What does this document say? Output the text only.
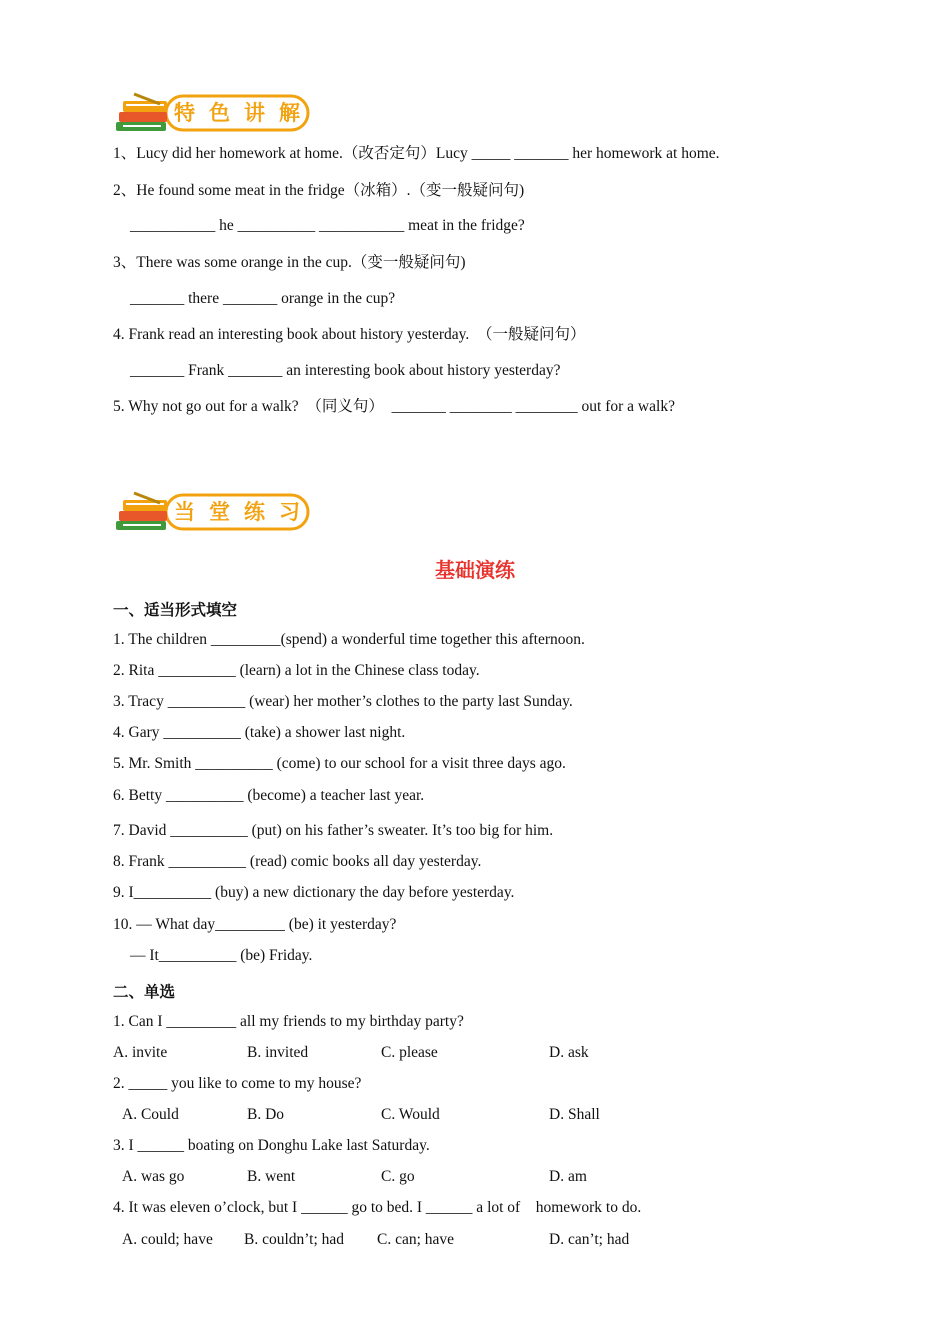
特色讲解

1、Lucy did her homework at home.（改否定句）Lucy _____ _______ her homework at home.

2、He found some meat in the fridge（冰箱）.（变一般疑问句)

___________ he __________ ___________ meat in the fridge?

3、There was some orange in the cup.（变一般疑问句)

_______ there _______ orange in the cup?

4. Frank read an interesting book about history yesterday.  （一般疑问句）

_______ Frank _______ an interesting book about history yesterday?

5. Why not go out for a walk?  （同义句）  _______ ________ ________ out for a walk?

当堂练习

基础演练

一、适当形式填空

1. The children _________(spend) a wonderful time together this afternoon.

2. Rita __________ (learn) a lot in the Chinese class today.

3. Tracy __________ (wear) her mother’s clothes to the party last Sunday.

4. Gary __________ (take) a shower last night.

5. Mr. Smith __________ (come) to our school for a visit three days ago.

6. Betty __________ (become) a teacher last year.

7. David __________ (put) on his father’s sweater. It’s too big for him.

8. Frank __________ (read) comic books all day yesterday.

9. I__________ (buy) a new dictionary the day before yesterday.

10. — What day_________ (be) it yesterday?

— It__________ (be) Friday.

二、单选

1. Can I _________ all my friends to my birthday party?

A. invite	B. invited	C. please	D. ask

2. _____ you like to come to my house?

A. Could	B. Do	C. Would	D. Shall

3. I ______ boating on Donghu Lake last Saturday.

A. was go	B. went	C. go	D. am

4. It was eleven o’clock, but I ______ go to bed. I ______ a lot of    homework to do.

A. could; have B. couldn’t; had C. can; have	D. can’t; had
